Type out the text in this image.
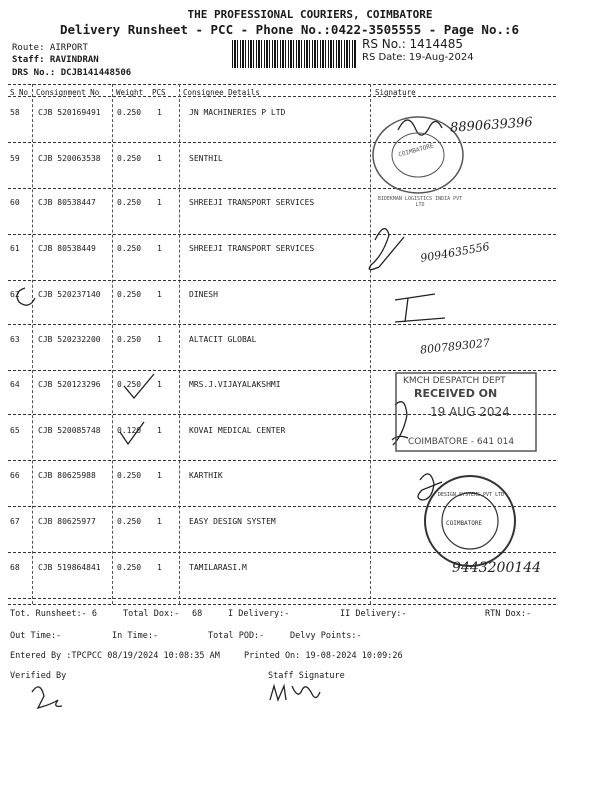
THE PROFESSIONAL COURIERS, COIMBATORE
Delivery Runsheet - PCC - Phone No.:0422-3505555 - Page No.:6
Route: AIRPORT
Staff: RAVINDRAN
DRS No.: DCJB141448506
RS No.: 1414485
RS Date: 19-Aug-2024
S No Consignment No Weight PCS Consignee Details	Signature
58 CJB 520169491 0.250 1	JN MACHINERIES P LTD
59 CJB 520063538 0.250 1	SENTHIL
60 CJB 80538447	0.250 1	SHREEJI TRANSPORT SERVICES
61 CJB 80538449	0.250 1	SHREEJI TRANSPORT SERVICES
62 CJB 520237140 0.250 1	DINESH
63 CJB 520232200 0.250 1	ALTACIT GLOBAL
64 CJB 520123296 0.250 1	MRS.J.VIJAYALAKSHMI
65 CJB 520085748 0.120 1	KOVAI MEDICAL CENTER
66 CJB 80625988	0.250 1	KARTHIK
67 CJB 80625977	0.250 1	EASY DESIGN SYSTEM
68 CJB 519864841 0.250 1	TAMILARASI.M
8890639396
9094635556
8007893027
9443200144
COIMBATORE
BIDEKMAN LOGISTICS INDIA PVT LTD
KMCH DESPATCH DEPT
RECEIVED ON
19 AUG 2024
COIMBATORE - 641 014
COIMBATORE
DESIGN SYSTEMS PVT LTD
Tot. Runsheet:- 6	Total Dox:- 68	I Delivery:-	II Delivery:-	RTN Dox:-
Out Time:-	In Time:-	Total POD:-	Delvy Points:-
Entered By :TPCPCC 08/19/2024 10:08:35 AM	Printed On: 19-08-2024 10:09:26
Verified By	Staff Signature
